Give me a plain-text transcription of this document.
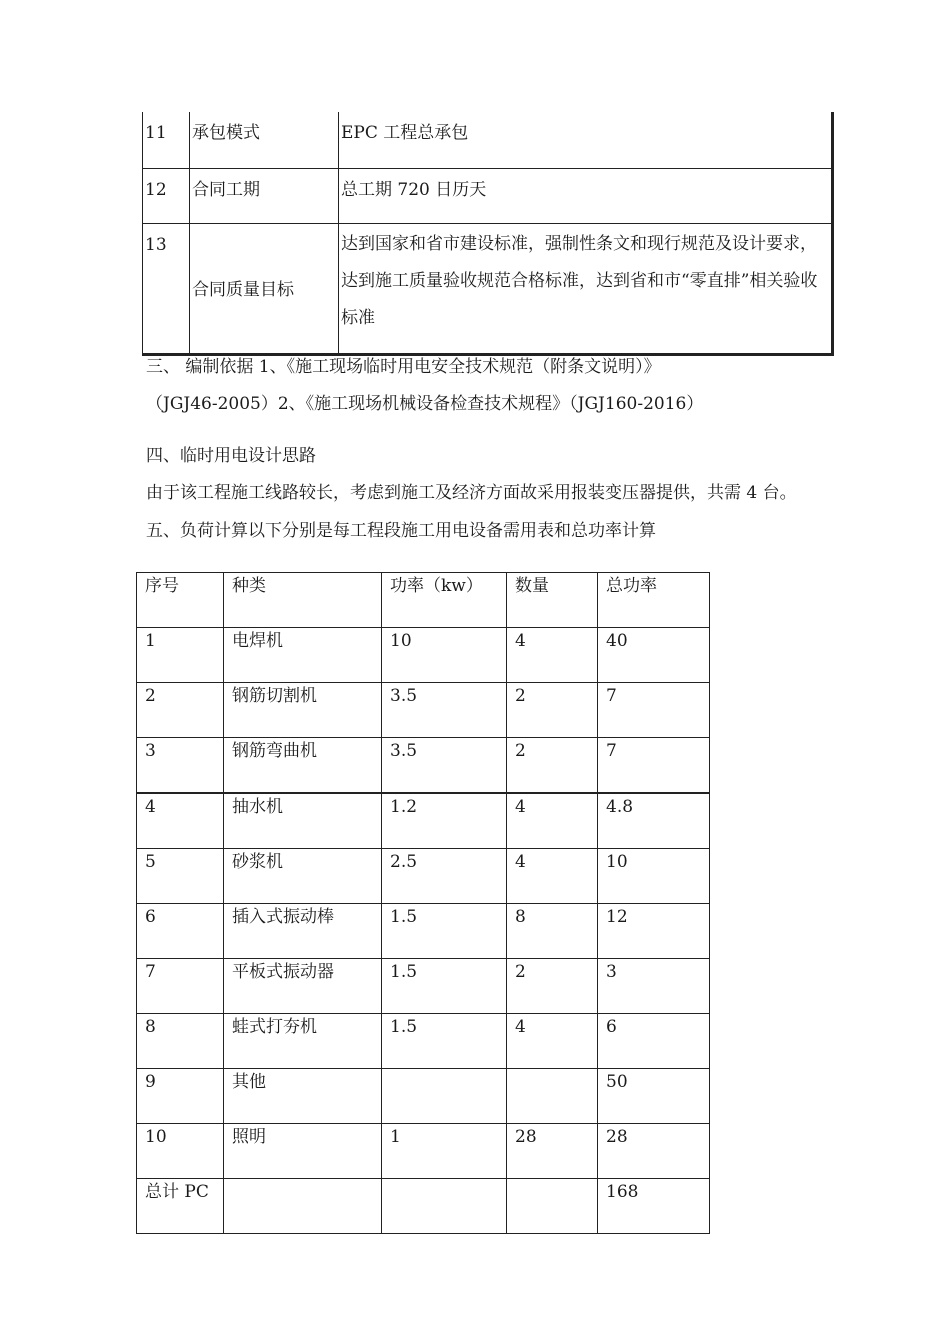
11	承包模式	EPC 工程总承包
12	合同工期	总工期 720 日历天
13	合同质量目标	达到国家和省市建设标准，强制性条文和现行规范及设计要求，达到施工质量验收规范合格标准，达到省和市“零直排”相关验收标准
三、 编制依据 1、《施工现场临时用电安全技术规范（附条文说明）》
（JGJ46-2005）2、《施工现场机械设备检查技术规程》（JGJ160-2016）
四、临时用电设计思路
由于该工程施工线路较长，考虑到施工及经济方面故采用报装变压器提供，共需 4 台。五、负荷计算以下分别是每工程段施工用电设备需用表和总功率计算
序号	种类	功率（kw）	数量	总功率
1	电焊机	10	4	40
2	钢筋切割机	3.5	2	7
3	钢筋弯曲机	3.5	2	7
4	抽水机	1.2	4	4.8
5	砂浆机	2.5	4	10
6	插入式振动棒	1.5	8	12
7	平板式振动器	1.5	2	3
8	蛙式打夯机	1.5	4	6
9	其他			50
10	照明	1	28	28
总计 PC				168
